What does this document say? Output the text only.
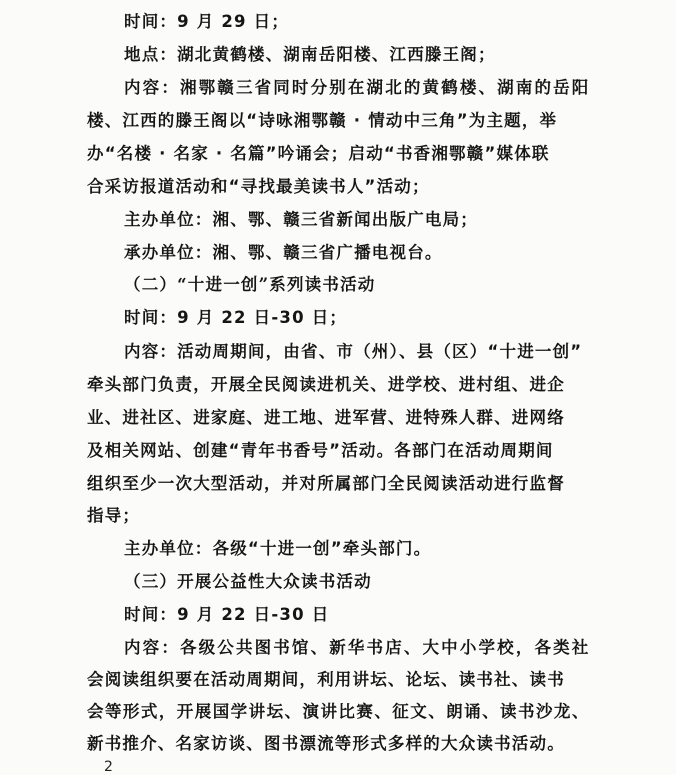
时间：9 月 29 日；
地点：湖北黄鹤楼、湖南岳阳楼、江西滕王阁；
内容：湘鄂赣三省同时分别在湖北的黄鹤楼、湖南的岳阳
楼、江西的滕王阁以“诗咏湘鄂赣 · 情动中三角”为主题，举
办“名楼 · 名家 · 名篇”吟诵会；启动“书香湘鄂赣”媒体联
合采访报道活动和“寻找最美读书人”活动；
主办单位：湘、鄂、赣三省新闻出版广电局；
承办单位：湘、鄂、赣三省广播电视台。
（二）“十进一创”系列读书活动
时间：9 月 22 日-30 日；
内容：活动周期间，由省、市（州）、县（区）“十进一创”
牵头部门负责，开展全民阅读进机关、进学校、进村组、进企
业、进社区、进家庭、进工地、进军营、进特殊人群、进网络
及相关网站、创建“青年书香号”活动。各部门在活动周期间
组织至少一次大型活动，并对所属部门全民阅读活动进行监督
指导；
主办单位：各级“十进一创”牵头部门。
（三）开展公益性大众读书活动
时间：9 月 22 日-30 日
内容：各级公共图书馆、新华书店、大中小学校，各类社
会阅读组织要在活动周期间，利用讲坛、论坛、读书社、读书
会等形式，开展国学讲坛、演讲比赛、征文、朗诵、读书沙龙、
新书推介、名家访谈、图书漂流等形式多样的大众读书活动。
2
